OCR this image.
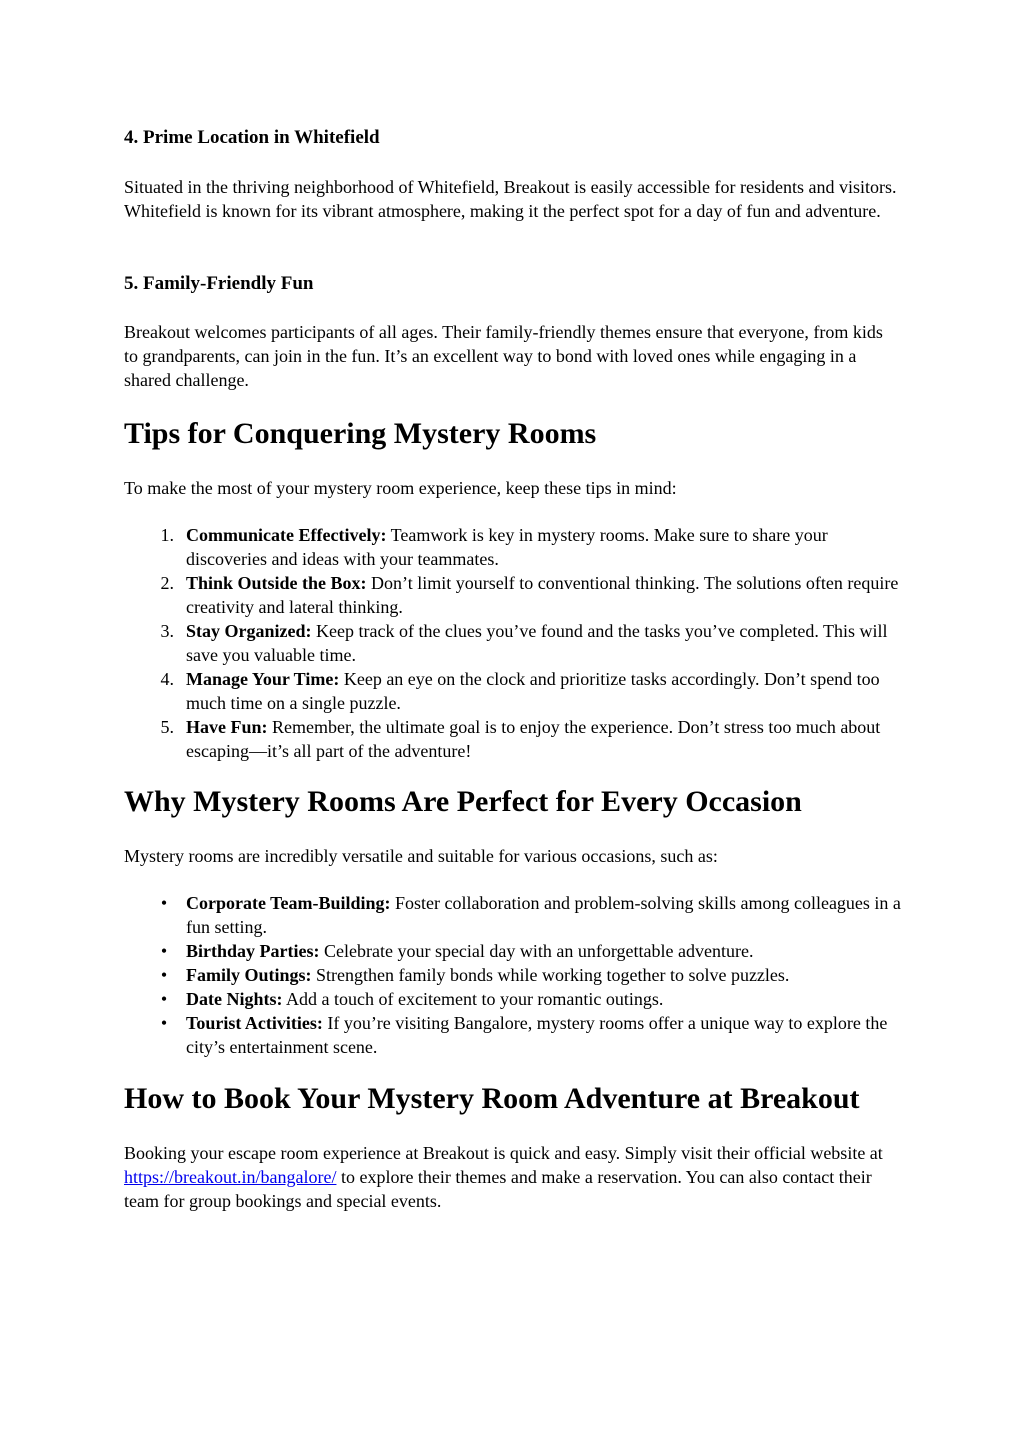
4. Prime Location in Whitefield

Situated in the thriving neighborhood of Whitefield, Breakout is easily accessible for residents and visitors. Whitefield is known for its vibrant atmosphere, making it the perfect spot for a day of fun and adventure.

5. Family-Friendly Fun

Breakout welcomes participants of all ages. Their family-friendly themes ensure that everyone, from kids to grandparents, can join in the fun. It’s an excellent way to bond with loved ones while engaging in a shared challenge.

Tips for Conquering Mystery Rooms

To make the most of your mystery room experience, keep these tips in mind:

1. Communicate Effectively: Teamwork is key in mystery rooms. Make sure to share your discoveries and ideas with your teammates.
2. Think Outside the Box: Don’t limit yourself to conventional thinking. The solutions often require creativity and lateral thinking.
3. Stay Organized: Keep track of the clues you’ve found and the tasks you’ve completed. This will save you valuable time.
4. Manage Your Time: Keep an eye on the clock and prioritize tasks accordingly. Don’t spend too much time on a single puzzle.
5. Have Fun: Remember, the ultimate goal is to enjoy the experience. Don’t stress too much about escaping—it’s all part of the adventure!
Why Mystery Rooms Are Perfect for Every Occasion

Mystery rooms are incredibly versatile and suitable for various occasions, such as:

• Corporate Team-Building: Foster collaboration and problem-solving skills among colleagues in a fun setting.
• Birthday Parties: Celebrate your special day with an unforgettable adventure.
• Family Outings: Strengthen family bonds while working together to solve puzzles.
• Date Nights: Add a touch of excitement to your romantic outings.
• Tourist Activities: If you’re visiting Bangalore, mystery rooms offer a unique way to explore the city’s entertainment scene.
How to Book Your Mystery Room Adventure at Breakout

Booking your escape room experience at Breakout is quick and easy. Simply visit their official website at https://breakout.in/bangalore/ to explore their themes and make a reservation. You can also contact their team for group bookings and special events.
